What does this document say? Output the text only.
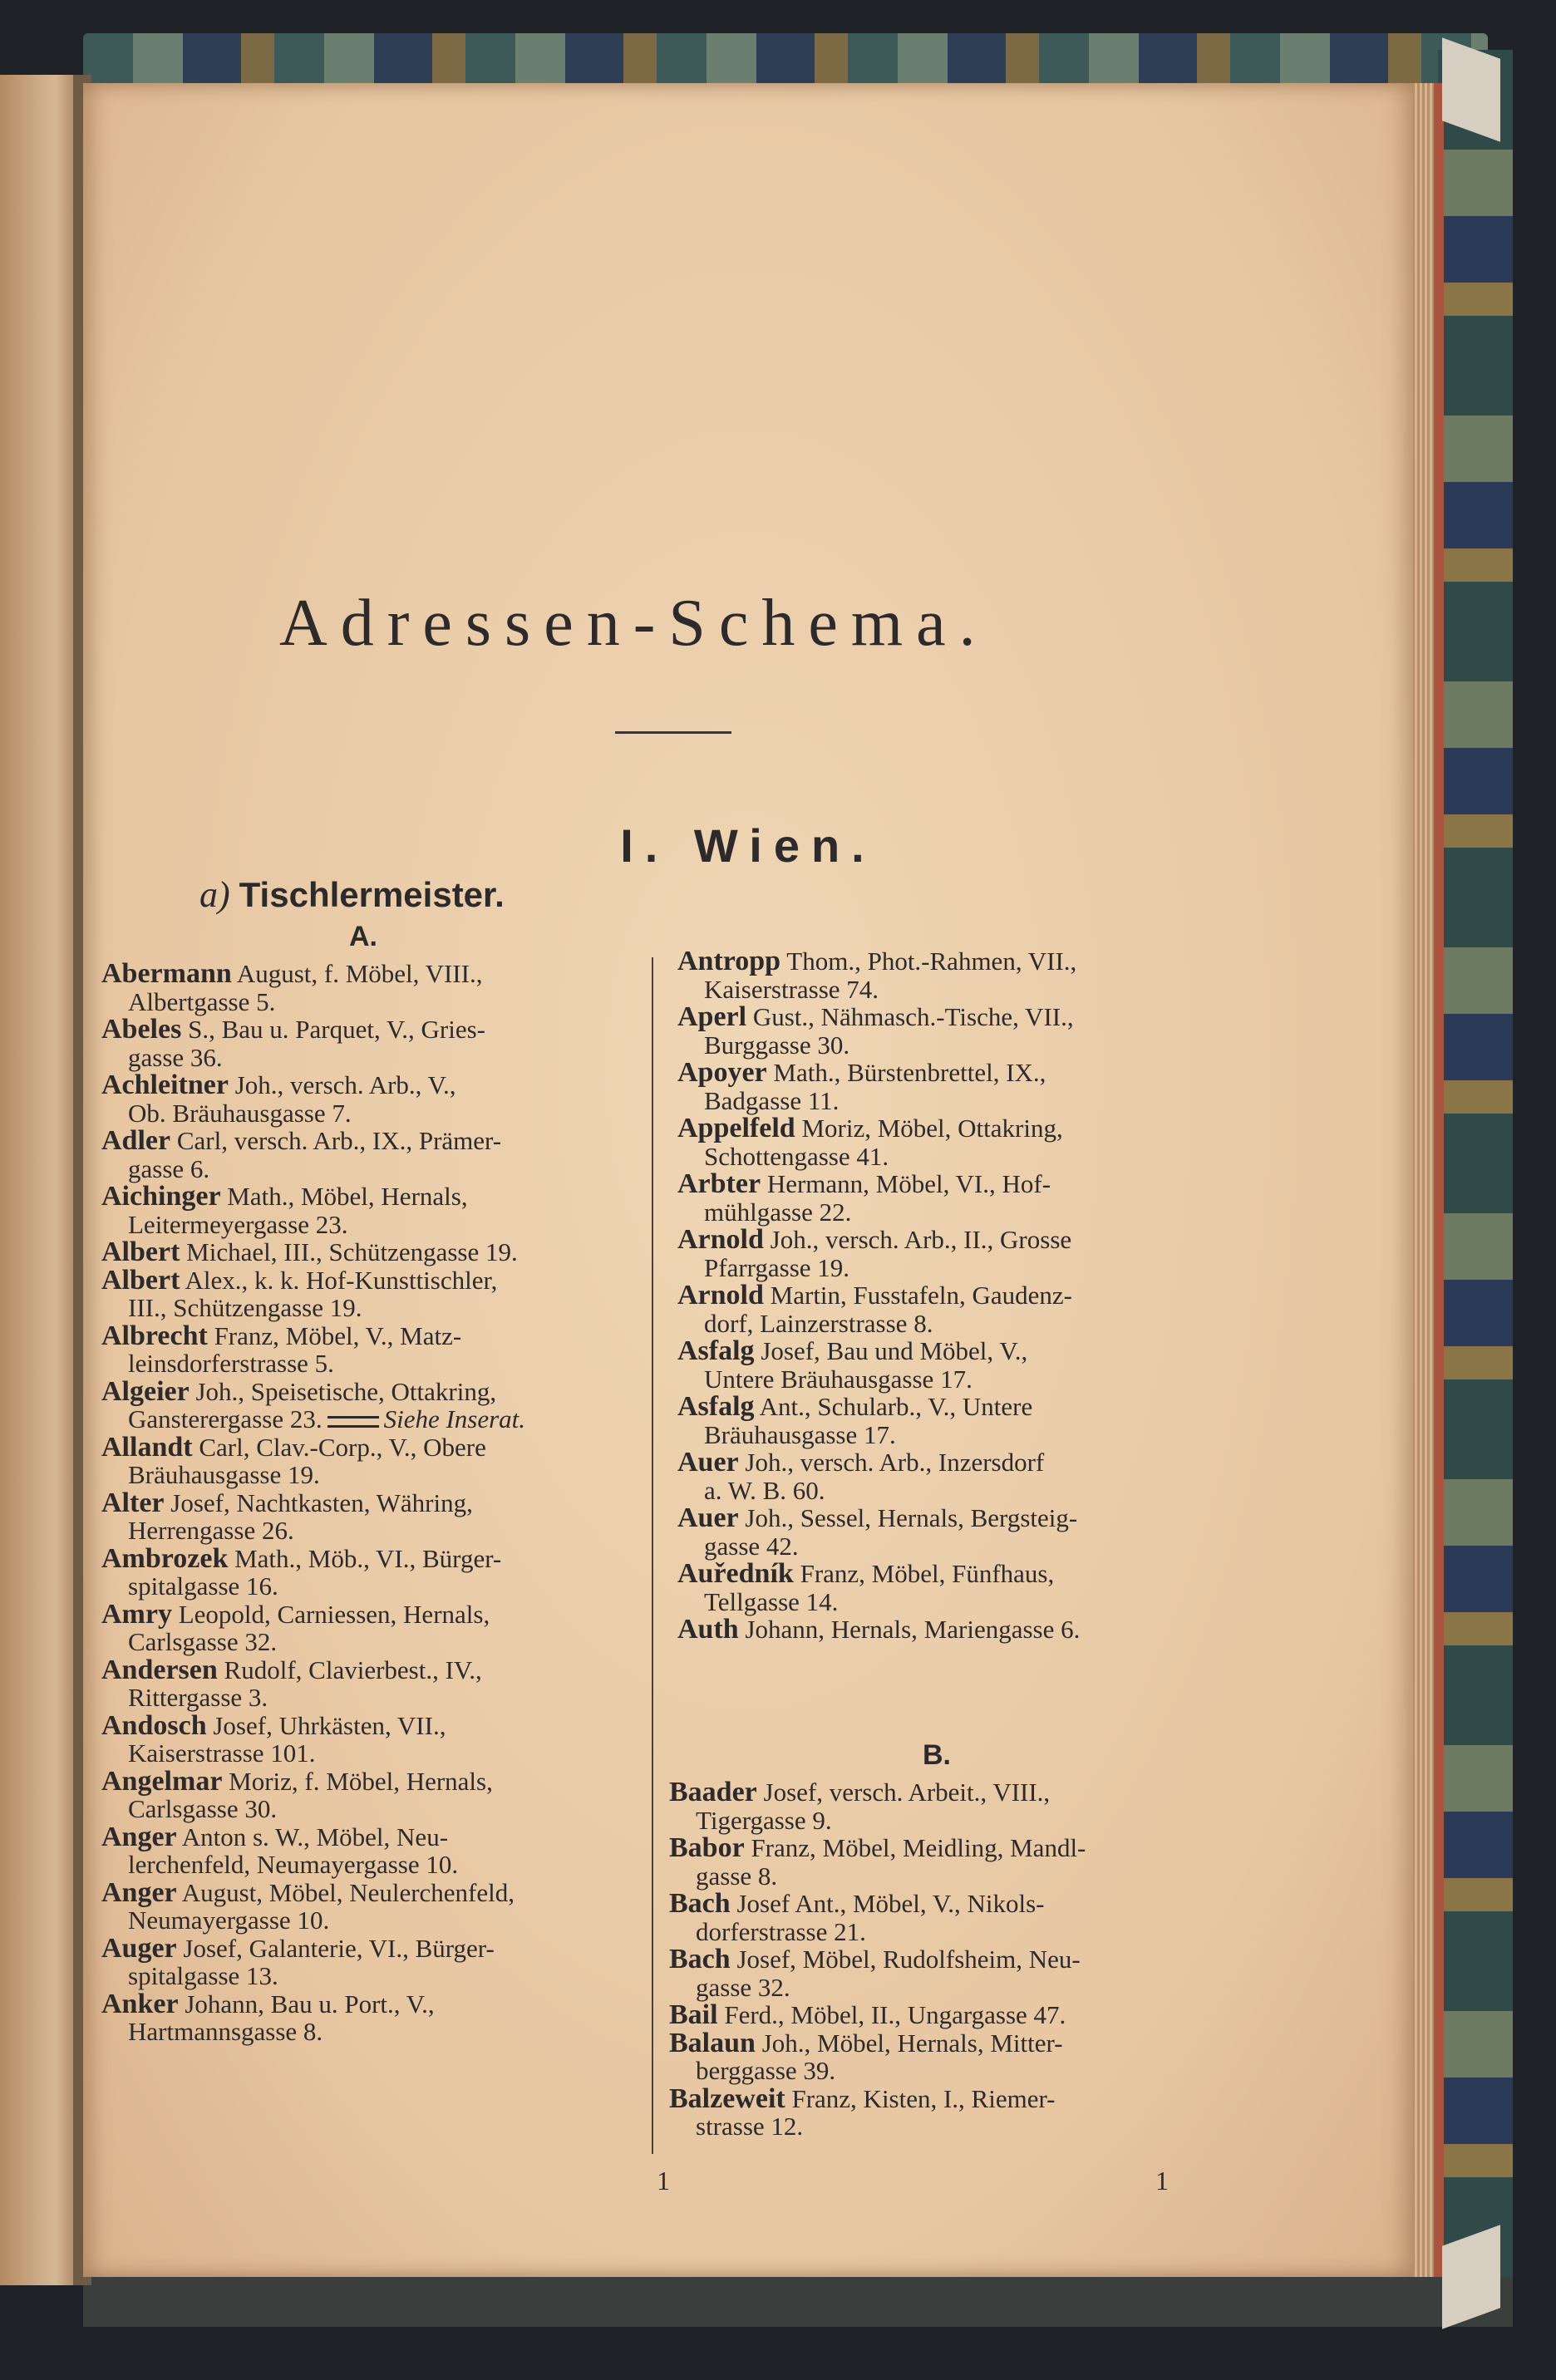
Adressen-Schema.
I. Wien.
a) Tischlermeister.
A.

Abermann August, f. Möbel, VIII.,

Albertgasse 5.

Abeles S., Bau u. Parquet, V., Gries-

gasse 36.

Achleitner Joh., versch. Arb., V.,

Ob. Bräuhausgasse 7.

Adler Carl, versch. Arb., IX., Prämer-

gasse 6.

Aichinger Math., Möbel, Hernals,

Leitermeyergasse 23.

Albert Michael, III., Schützengasse 19.

Albert Alex., k. k. Hof-Kunsttischler,

III., Schützengasse 19.

Albrecht Franz, Möbel, V., Matz-

leinsdorferstrasse 5.

Algeier Joh., Speisetische, Ottakring,

Gansterergasse 23. Siehe Inserat.

Allandt Carl, Clav.-Corp., V., Obere

Bräuhausgasse 19.

Alter Josef, Nachtkasten, Währing,

Herrengasse 26.

Ambrozek Math., Möb., VI., Bürger-

spitalgasse 16.

Amry Leopold, Carniessen, Hernals,

Carlsgasse 32.

Andersen Rudolf, Clavierbest., IV.,

Rittergasse 3.

Andosch Josef, Uhrkästen, VII.,

Kaiserstrasse 101.

Angelmar Moriz, f. Möbel, Hernals,

Carlsgasse 30.

Anger Anton s. W., Möbel, Neu-

lerchenfeld, Neumayergasse 10.

Anger August, Möbel, Neulerchenfeld,

Neumayergasse 10.

Auger Josef, Galanterie, VI., Bürger-

spitalgasse 13.

Anker Johann, Bau u. Port., V.,

Hartmannsgasse 8.

Antropp Thom., Phot.-Rahmen, VII.,

Kaiserstrasse 74.

Aperl Gust., Nähmasch.-Tische, VII.,

Burggasse 30.

Apoyer Math., Bürstenbrettel, IX.,

Badgasse 11.

Appelfeld Moriz, Möbel, Ottakring,

Schottengasse 41.

Arbter Hermann, Möbel, VI., Hof-

mühlgasse 22.

Arnold Joh., versch. Arb., II., Grosse

Pfarrgasse 19.

Arnold Martin, Fusstafeln, Gaudenz-

dorf, Lainzerstrasse 8.

Asfalg Josef, Bau und Möbel, V.,

Untere Bräuhausgasse 17.

Asfalg Ant., Schularb., V., Untere

Bräuhausgasse 17.

Auer Joh., versch. Arb., Inzersdorf

a. W. B. 60.

Auer Joh., Sessel, Hernals, Bergsteig-

gasse 42.

Auředník Franz, Möbel, Fünfhaus,

Tellgasse 14.

Auth Johann, Hernals, Mariengasse 6.

B.

Baader Josef, versch. Arbeit., VIII.,

Tigergasse 9.

Babor Franz, Möbel, Meidling, Mandl-

gasse 8.

Bach Josef Ant., Möbel, V., Nikols-

dorferstrasse 21.

Bach Josef, Möbel, Rudolfsheim, Neu-

gasse 32.

Bail Ferd., Möbel, II., Ungargasse 47.

Balaun Joh., Möbel, Hernals, Mitter-

berggasse 39.

Balzeweit Franz, Kisten, I., Riemer-

strasse 12.

1	1
